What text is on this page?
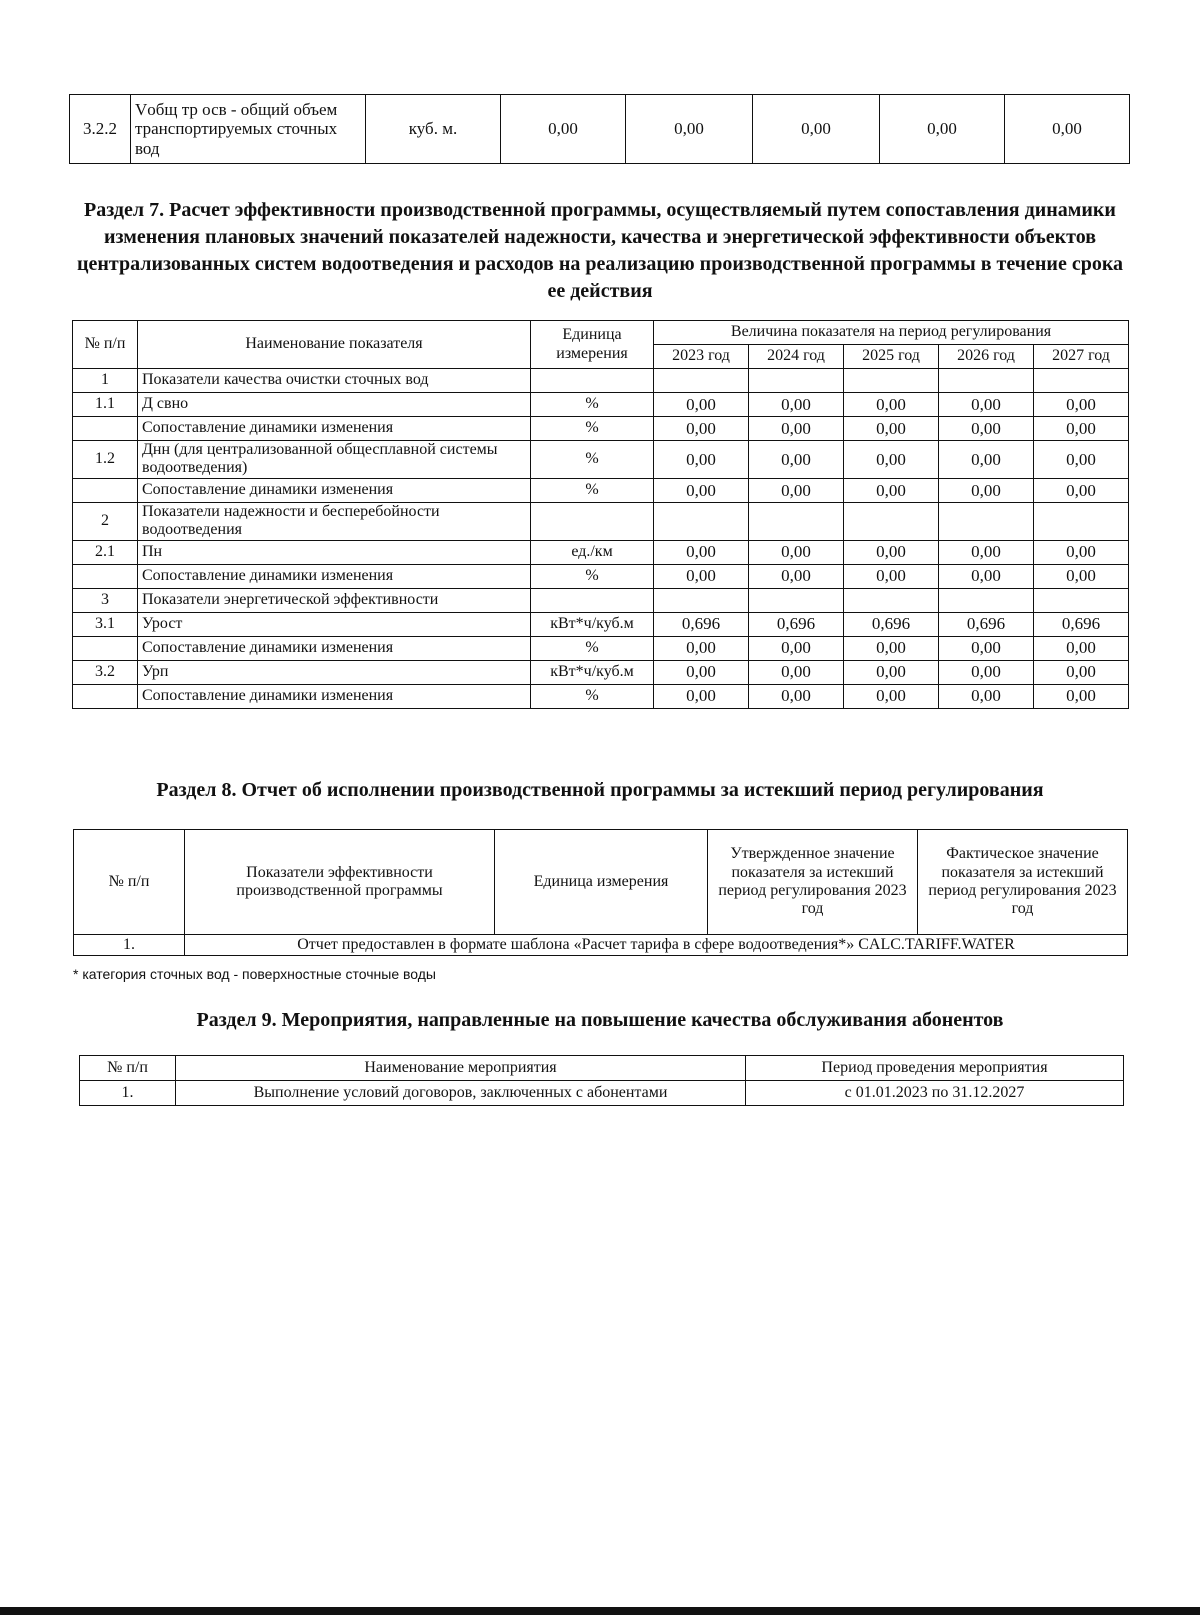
3.2.2	Vобщ тр осв - общий объем транспортируемых сточных вод	куб. м.	0,00	0,00	0,00	0,00	0,00
Раздел 7. Расчет эффективности производственной программы, осуществляемый путем сопоставления динамики изменения плановых значений показателей надежности, качества и энергетической эффективности объектов централизованных систем водоотведения и расходов на реализацию производственной программы в течение срока ее действия
№ п/п	Наименование показателя	Единица измерения	Величина показателя на период регулирования				
			2023 год	2024 год	2025 год	2026 год	2027 год
1	Показатели качества очистки сточных вод						
1.1	Д свно	%	0,00	0,00	0,00	0,00	0,00
	Сопоставление динамики изменения	%	0,00	0,00	0,00	0,00	0,00
1.2	Днн (для централизованной общесплавной системы водоотведения)	%	0,00	0,00	0,00	0,00	0,00
	Сопоставление динамики изменения	%	0,00	0,00	0,00	0,00	0,00
2	Показатели надежности и бесперебойности водоотведения						
2.1	Пн	ед./км	0,00	0,00	0,00	0,00	0,00
	Сопоставление динамики изменения	%	0,00	0,00	0,00	0,00	0,00
3	Показатели энергетической эффективности						
3.1	Урост	кВт*ч/куб.м	0,696	0,696	0,696	0,696	0,696
	Сопоставление динамики изменения	%	0,00	0,00	0,00	0,00	0,00
3.2	Урп	кВт*ч/куб.м	0,00	0,00	0,00	0,00	0,00
	Сопоставление динамики изменения	%	0,00	0,00	0,00	0,00	0,00
Раздел 8. Отчет об исполнении производственной программы за истекший период регулирования
№ п/п	Показатели эффективности производственной программы	Единица измерения	Утвержденное значение показателя за истекший период регулирования 2023 год	Фактическое значение показателя за истекший период регулирования 2023 год
1.	Отчет предоставлен в формате шаблона «Расчет тарифа в сфере водоотведения*» CALC.TARIFF.WATER			
* категория сточных вод - поверхностные сточные воды
Раздел 9. Мероприятия, направленные на повышение качества обслуживания абонентов
№ п/п	Наименование мероприятия	Период проведения мероприятия
1.	Выполнение условий договоров, заключенных с абонентами	с 01.01.2023 по 31.12.2027
